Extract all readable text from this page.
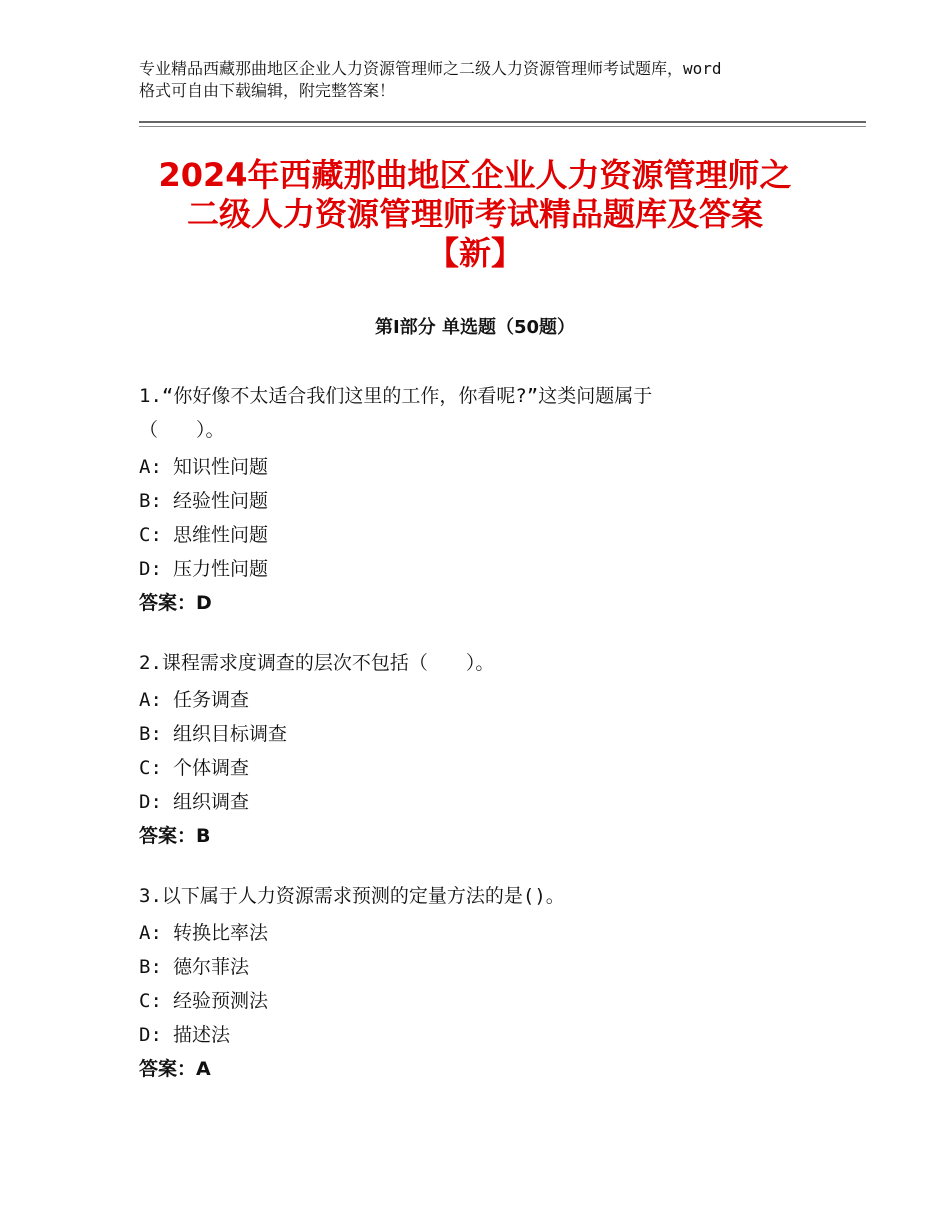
专业精品西藏那曲地区企业人力资源管理师之二级人力资源管理师考试题库，word
格式可自由下载编辑，附完整答案！
2024年西藏那曲地区企业人力资源管理师之
二级人力资源管理师考试精品题库及答案
【新】
第Ⅰ部分 单选题（50题）
1.“你好像不太适合我们这里的工作，你看呢?”这类问题属于
（　　）。
A: 知识性问题
B: 经验性问题
C: 思维性问题
D: 压力性问题
答案：D
2.课程需求度调查的层次不包括（　　）。
A: 任务调查
B: 组织目标调查
C: 个体调查
D: 组织调查
答案：B
3.以下属于人力资源需求预测的定量方法的是()。
A: 转换比率法
B: 德尔菲法
C: 经验预测法
D: 描述法
答案：A
